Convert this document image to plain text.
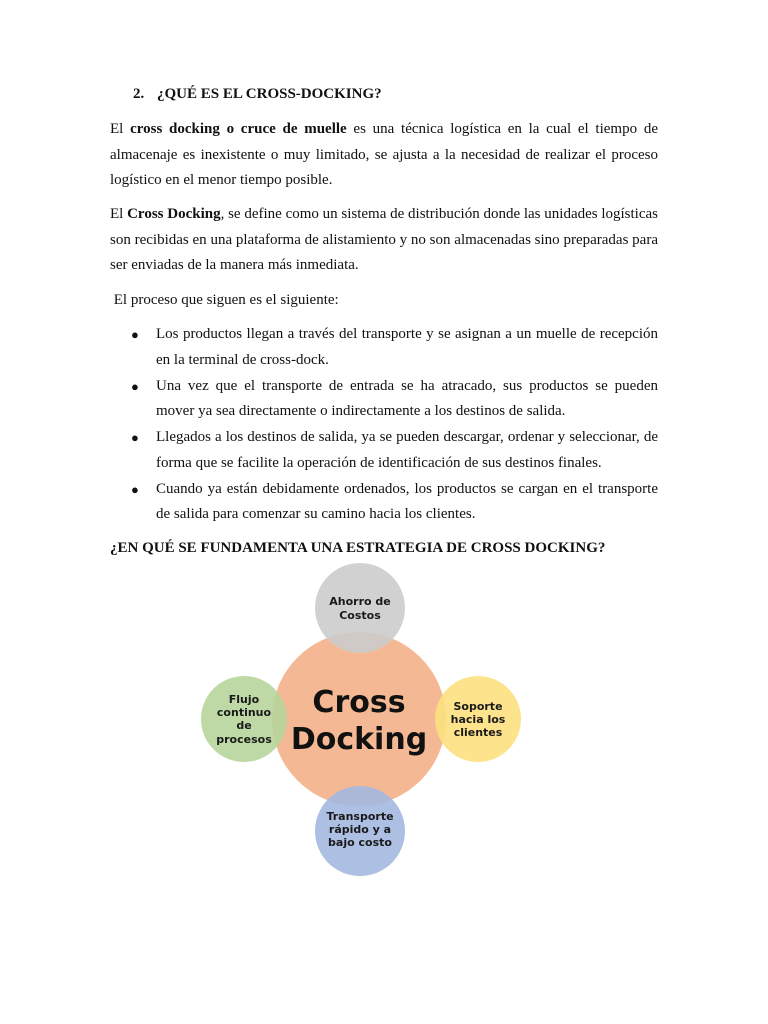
2. ¿QUÉ ES EL CROSS-DOCKING?
El cross docking o cruce de muelle es una técnica logística en la cual el tiempo de almacenaje es inexistente o muy limitado, se ajusta a la necesidad de realizar el proceso logístico en el menor tiempo posible.
El Cross Docking, se define como un sistema de distribución donde las unidades logísticas son recibidas en una plataforma de alistamiento y no son almacenadas sino preparadas para ser enviadas de la manera más inmediata.
El proceso que siguen es el siguiente:
● Los productos llegan a través del transporte y se asignan a un muelle de recepción en la terminal de cross-dock.
● Una vez que el transporte de entrada se ha atracado, sus productos se pueden mover ya sea directamente o indirectamente a los destinos de salida.
● Llegados a los destinos de salida, ya se pueden descargar, ordenar y seleccionar, de forma que se facilite la operación de identificación de sus destinos finales.
● Cuando ya están debidamente ordenados, los productos se cargan en el transporte de salida para comenzar su camino hacia los clientes.
¿EN QUÉ SE FUNDAMENTA UNA ESTRATEGIA DE CROSS DOCKING?
Cross
Docking
Ahorro de
Costos
Soporte
hacia los
clientes
Transporte
rápido y a
bajo costo
Flujo
continuo
de
procesos
